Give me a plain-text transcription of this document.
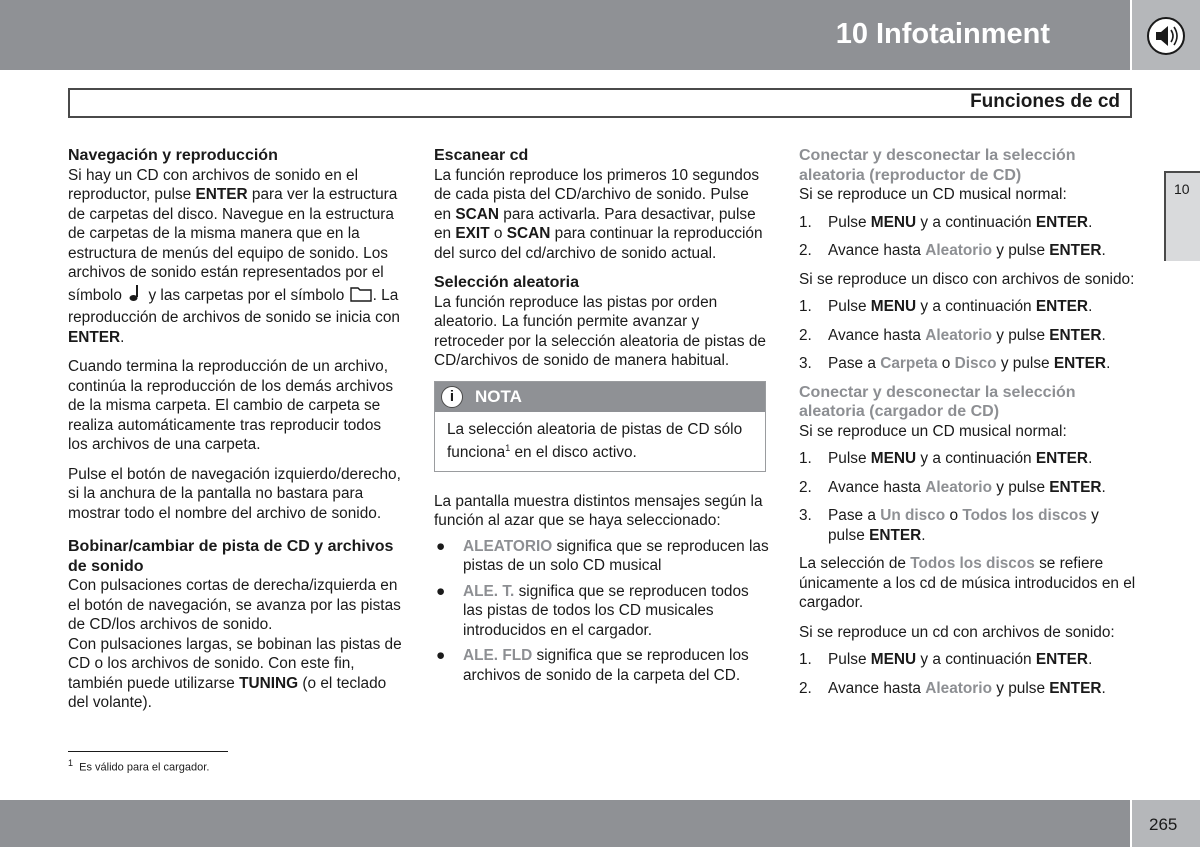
10 Infotainment
Funciones de cd
10
Navegación y reproducción

Si hay un CD con archivos de sonido en el reproductor, pulse ENTER para ver la estructura de carpetas del disco. Navegue en la estructura de carpetas de la misma manera que en la estructura de menús del equipo de sonido. Los archivos de sonido están representados por el símbolo  y las carpetas por el símbolo . La reproducción de archivos de sonido se inicia con ENTER.

Cuando termina la reproducción de un archivo, continúa la reproducción de los demás archivos de la misma carpeta. El cambio de carpeta se realiza automáticamente tras reproducir todos los archivos de una carpeta.

Pulse el botón de navegación izquierdo/derecho, si la anchura de la pantalla no bastara para mostrar todo el nombre del archivo de sonido.

Bobinar/cambiar de pista de CD y archivos de sonido
Con pulsaciones cortas de derecha/izquierda en el botón de navegación, se avanza por las pistas de CD/los archivos de sonido.

Con pulsaciones largas, se bobinan las pistas de CD o los archivos de sonido. Con este fin, también puede utilizarse TUNING (o el teclado del volante).

Escanear cd

La función reproduce los primeros 10 segundos de cada pista del CD/archivo de sonido. Pulse en SCAN para activarla. Para desactivar, pulse en EXIT o SCAN para continuar la reproducción del surco del cd/archivo de sonido actual.

Selección aleatoria

La función reproduce las pistas por orden aleatorio. La función permite avanzar y retroceder por la selección aleatoria de pistas de CD/archivos de sonido de manera habitual.

i	NOTA
La selección aleatoria de pistas de CD sólo funciona$^1$ en el disco activo.

La pantalla muestra distintos mensajes según la función al azar que se haya seleccionado:

● ALEATORIO significa que se reproducen las pistas de un solo CD musical
● ALE. T. significa que se reproducen todos las pistas de todos los CD musicales introducidos en el cargador.
● ALE. FLD significa que se reproducen los archivos de sonido de la carpeta del CD.
Conectar y desconectar la selección aleatoria (reproductor de CD)

Si se reproduce un CD musical normal:

1. Pulse MENU y a continuación ENTER.
2. Avance hasta Aleatorio y pulse ENTER.

Si se reproduce un disco con archivos de sonido:

1. Pulse MENU y a continuación ENTER.
2. Avance hasta Aleatorio y pulse ENTER.
3. Pase a Carpeta o Disco y pulse ENTER.
Conectar y desconectar la selección aleatoria (cargador de CD)

Si se reproduce un CD musical normal:

1. Pulse MENU y a continuación ENTER.
2. Avance hasta Aleatorio y pulse ENTER.
3. Pase a Un disco o Todos los discos y pulse ENTER.

La selección de Todos los discos se refiere únicamente a los cd de música introducidos en el cargador.

Si se reproduce un cd con archivos de sonido:

1. Pulse MENU y a continuación ENTER.
2. Avance hasta Aleatorio y pulse ENTER.
$^1$ Es válido para el cargador.
265
